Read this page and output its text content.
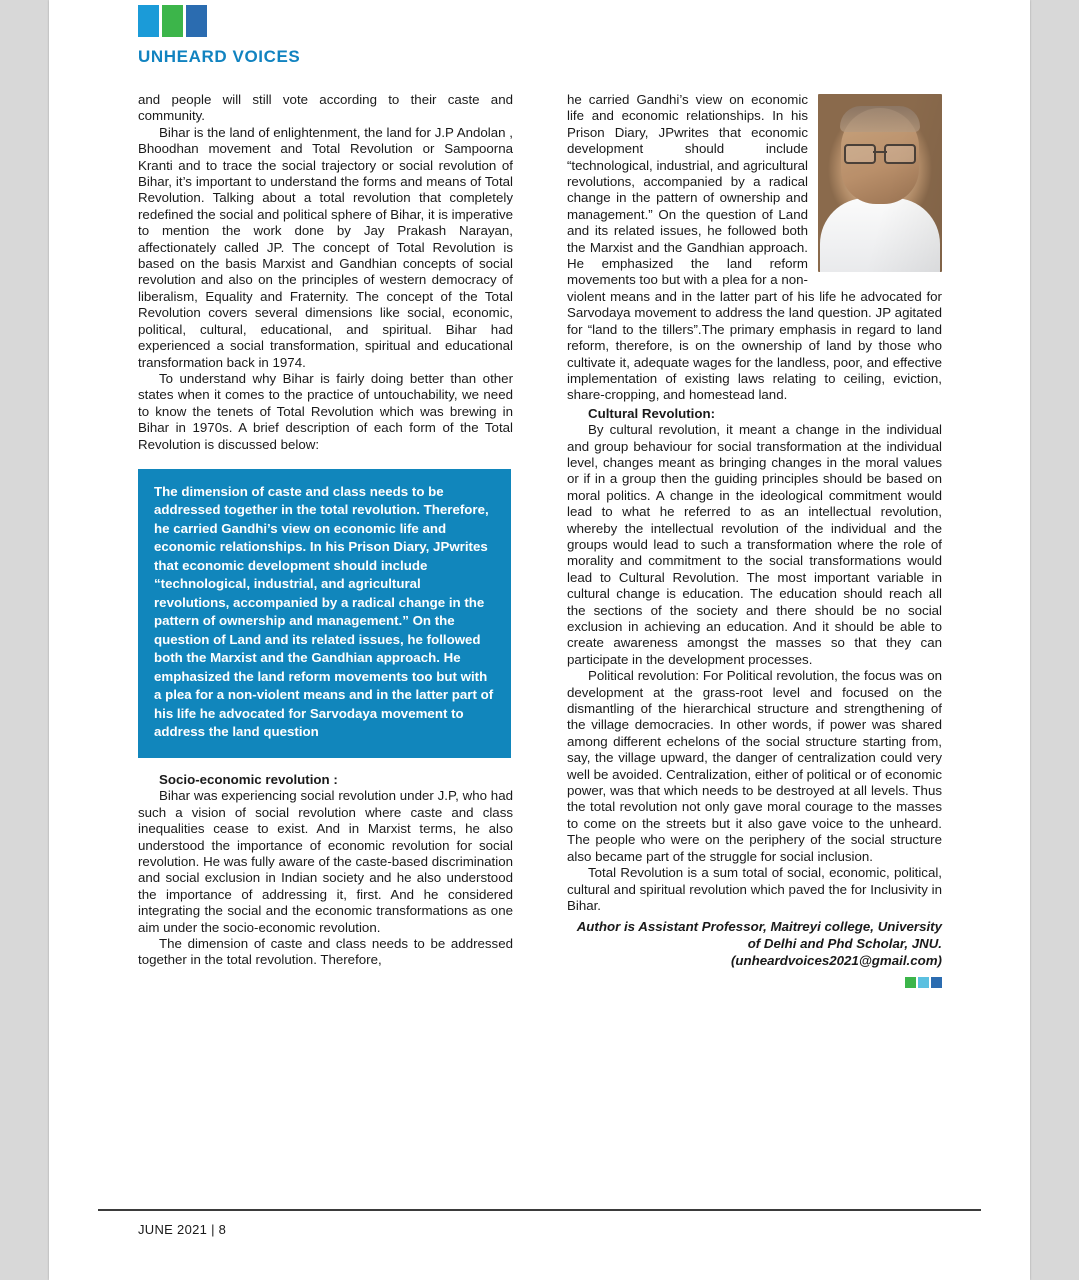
UNHEARD VOICES

and people will still vote according to their caste and community.

Bihar is the land of enlightenment, the land for J.P Andolan , Bhoodhan movement and Total Revolution or Sampoorna Kranti and to trace the social trajectory or social revolution of Bihar, it’s important to understand the forms and means of Total Revolution. Talking about a total revolution that completely redefined the social and political sphere of Bihar, it is imperative to mention the work done by Jay Prakash Narayan, affectionately called JP. The concept of Total Revolution is based on the basis Marxist and Gandhian concepts of social revolution and also on the principles of western democracy of liberalism, Equality and Fraternity. The concept of the Total Revolution covers several dimensions like social, economic, political, cultural, educational, and spiritual. Bihar had experienced a social transformation, spiritual and educational transformation back in 1974.

To understand why Bihar is fairly doing better than other states when it comes to the practice of untouchability, we need to know the tenets of Total Revolution which was brewing in Bihar in 1970s. A brief description of each form of the Total Revolution is discussed below:

The dimension of caste and class needs to be addressed together in the total revolution. Therefore, he carried Gandhi’s view on economic life and economic relationships. In his Prison Diary, JPwrites that economic development should include “technological, industrial, and agricultural revolutions, accompanied by a radical change in the pattern of ownership and management.” On the question of Land and its related issues, he followed both the Marxist and the Gandhian approach. He emphasized the land reform movements too but with a plea for a non-violent means and in the latter part of his life he advocated for Sarvodaya movement to address the land question

Socio-economic revolution :

Bihar was experiencing social revolution under J.P, who had such a vision of social revolution where caste and class inequalities cease to exist. And in Marxist terms, he also understood the importance of economic revolution for social revolution. He was fully aware of the caste-based discrimination and social exclusion in Indian society and he also understood the importance of addressing it, first. And he considered integrating the social and the economic transformations as one aim under the socio-economic revolution.

The dimension of caste and class needs to be addressed together in the total revolution. Therefore,

he carried Gandhi’s view on economic life and economic relationships. In his Prison Diary, JPwrites that economic development should include “technological, industrial, and agricultural revolutions, accompanied by a radical change in the pattern of ownership and management.” On the question of Land and its related issues, he followed both the Marxist and the Gandhian approach. He emphasized the land reform movements too but with a plea for a non-violent means and in the latter part of his life he advocated for Sarvodaya movement to address the land question. JP agitated for “land to the tillers”.The primary emphasis in regard to land reform, therefore, is on the ownership of land by those who cultivate it, adequate wages for the landless, poor, and effective implementation of existing laws relating to ceiling, eviction, share-cropping, and homestead land.

Cultural Revolution:

By cultural revolution, it meant a change in the individual and group behaviour for social transformation at the individual level, changes meant as bringing changes in the moral values or if in a group then the guiding principles should be based on moral politics. A change in the ideological commitment would lead to what he referred to as an intellectual revolution, whereby the intellectual revolution of the individual and the groups would lead to such a transformation where the role of morality and commitment to the social transformations would lead to Cultural Revolution. The most important variable in cultural change is education. The education should reach all the sections of the society and there should be no social exclusion in achieving an education. And it should be able to create awareness amongst the masses so that they can participate in the development processes.

Political revolution: For Political revolution, the focus was on development at the grass-root level and focused on the dismantling of the hierarchical structure and strengthening of the village democracies. In other words, if power was shared among different echelons of the social structure starting from, say, the village upward, the danger of centralization could very well be avoided. Centralization, either of political or of economic power, was that which needs to be destroyed at all levels. Thus the total revolution not only gave moral courage to the masses to come on the streets but it also gave voice to the unheard. The people who were on the periphery of the social structure also became part of the struggle for social inclusion.

Total Revolution is a sum total of social, economic, political, cultural and spiritual revolution which paved the for Inclusivity in Bihar.

Author is Assistant Professor, Maitreyi college, University of Delhi and Phd Scholar, JNU. (unheardvoices2021@gmail.com)

JUNE 2021 | 8
